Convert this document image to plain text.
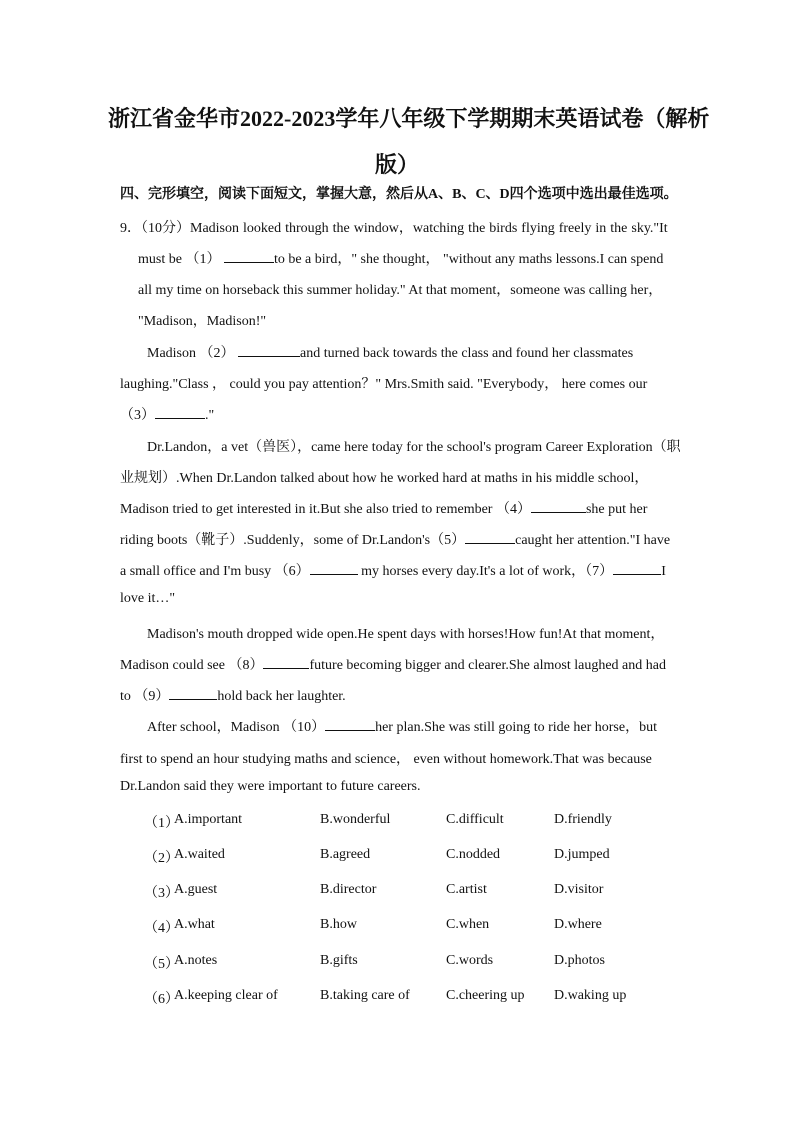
浙江省金华市2022-2023学年八年级下学期期末英语试卷（解析
版）
四、完形填空，阅读下面短文，掌握大意，然后从A、B、C、D四个选项中选出最佳选项。
9．（10分）Madison looked through the window，watching the birds flying freely in the sky."It
must be （1）	to be a bird，" she thought， "without any maths lessons.I can spend
all my time on horseback this summer holiday." At that moment，someone was calling her，
"Madison，Madison!"
Madison （2）	and turned back towards the class and found her classmates
laughing."Class ， could you pay attention？" Mrs.Smith said. "Everybody， here comes our
（3）	."
Dr.Landon，a vet（兽医），came here today for the school's program Career Exploration（职
业规划）.When Dr.Landon talked about how he worked hard at maths in his middle school，
Madison tried to get interested in it.But she also tried to remember （4）	she put her
riding boots（靴子）.Suddenly，some of Dr.Landon's（5）	caught her attention."I have
a small office and I'm busy （6）	my horses every day.It's a lot of work，（7）	I
love it…"
Madison's mouth dropped wide open.He spent days with horses!How fun!At that moment，
Madison could see （8）	future becoming bigger and clearer.She almost laughed and had
to （9）	hold back her laughter.
After school，Madison （10）	her plan.She was still going to ride her horse，but
first to spend an hour studying maths and science， even without homework.That was because
Dr.Landon said they were important to future careers.
（1）
A.important	B.wonderful	C.difficult	D.friendly
（2）
A.waited	B.agreed	C.nodded	D.jumped
（3）
A.guest	B.director	C.artist	D.visitor
（4）
A.what	B.how	C.when	D.where
（5）
A.notes	B.gifts	C.words	D.photos
（6）
A.keeping clear of	B.taking care of	C.cheering up D.waking up
